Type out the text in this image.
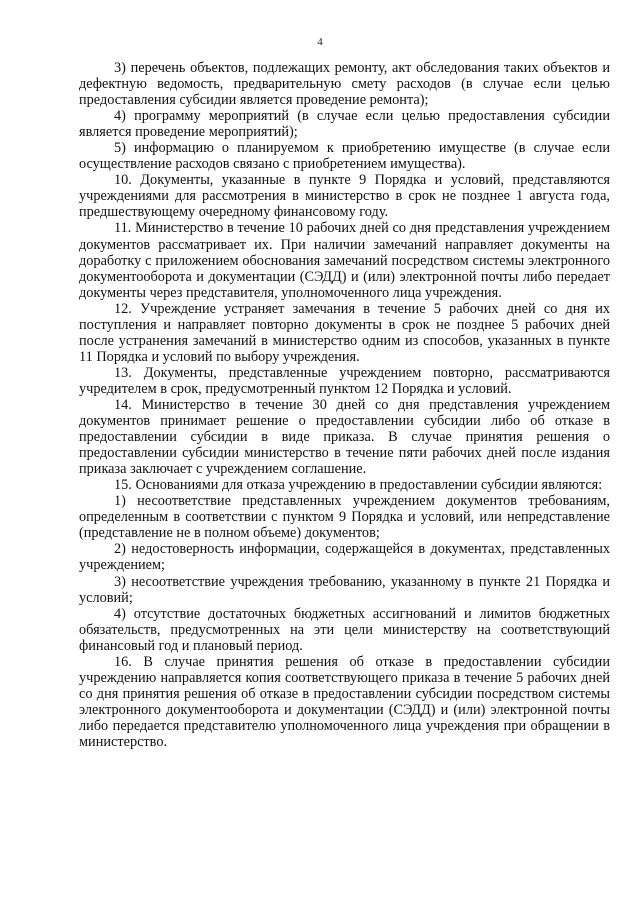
4

3) перечень объектов, подлежащих ремонту, акт обследования таких объектов и дефектную ведомость, предварительную смету расходов (в случае если целью предоставления субсидии является проведение ремонта);

4) программу мероприятий (в случае если целью предоставления субсидии является проведение мероприятий);

5) информацию о планируемом к приобретению имуществе (в случае если осуществление расходов связано с приобретением имущества).

10. Документы, указанные в пункте 9 Порядка и условий, представляются учреждениями для рассмотрения в министерство в срок не позднее 1 августа года, предшествующему очередному финансовому году.

11. Министерство в течение 10 рабочих дней со дня представления учреждением документов рассматривает их. При наличии замечаний направляет документы на доработку с приложением обоснования замечаний посредством системы электронного документооборота и документации (СЭДД) и (или) электронной почты либо передает документы через представителя, уполномоченного лица учреждения.

12. Учреждение устраняет замечания в течение 5 рабочих дней со дня их поступления и направляет повторно документы в срок не позднее 5 рабочих дней после устранения замечаний в министерство одним из способов, указанных в пункте 11 Порядка и условий по выбору учреждения.

13. Документы, представленные учреждением повторно, рассматриваются учредителем в срок, предусмотренный пунктом 12 Порядка и условий.

14. Министерство в течение 30 дней со дня представления учреждением документов принимает решение о предоставлении субсидии либо об отказе в предоставлении субсидии в виде приказа. В случае принятия решения о предоставлении субсидии министерство в течение пяти рабочих дней после издания приказа заключает с учреждением соглашение.

15. Основаниями для отказа учреждению в предоставлении субсидии являются:

1) несоответствие представленных учреждением документов требованиям, определенным в соответствии с пунктом 9 Порядка и условий, или непредставление (представление не в полном объеме) документов;

2) недостоверность информации, содержащейся в документах, представленных учреждением;

3) несоответствие учреждения требованию, указанному в пункте 21 Порядка и условий;

4) отсутствие достаточных бюджетных ассигнований и лимитов бюджетных обязательств, предусмотренных на эти цели министерству на соответствующий финансовый год и плановый период.

16. В случае принятия решения об отказе в предоставлении субсидии учреждению направляется копия соответствующего приказа в течение 5 рабочих дней со дня принятия решения об отказе в предоставлении субсидии посредством системы электронного документооборота и документации (СЭДД) и (или) электронной почты либо передается представителю уполномоченного лица учреждения при обращении в министерство.
